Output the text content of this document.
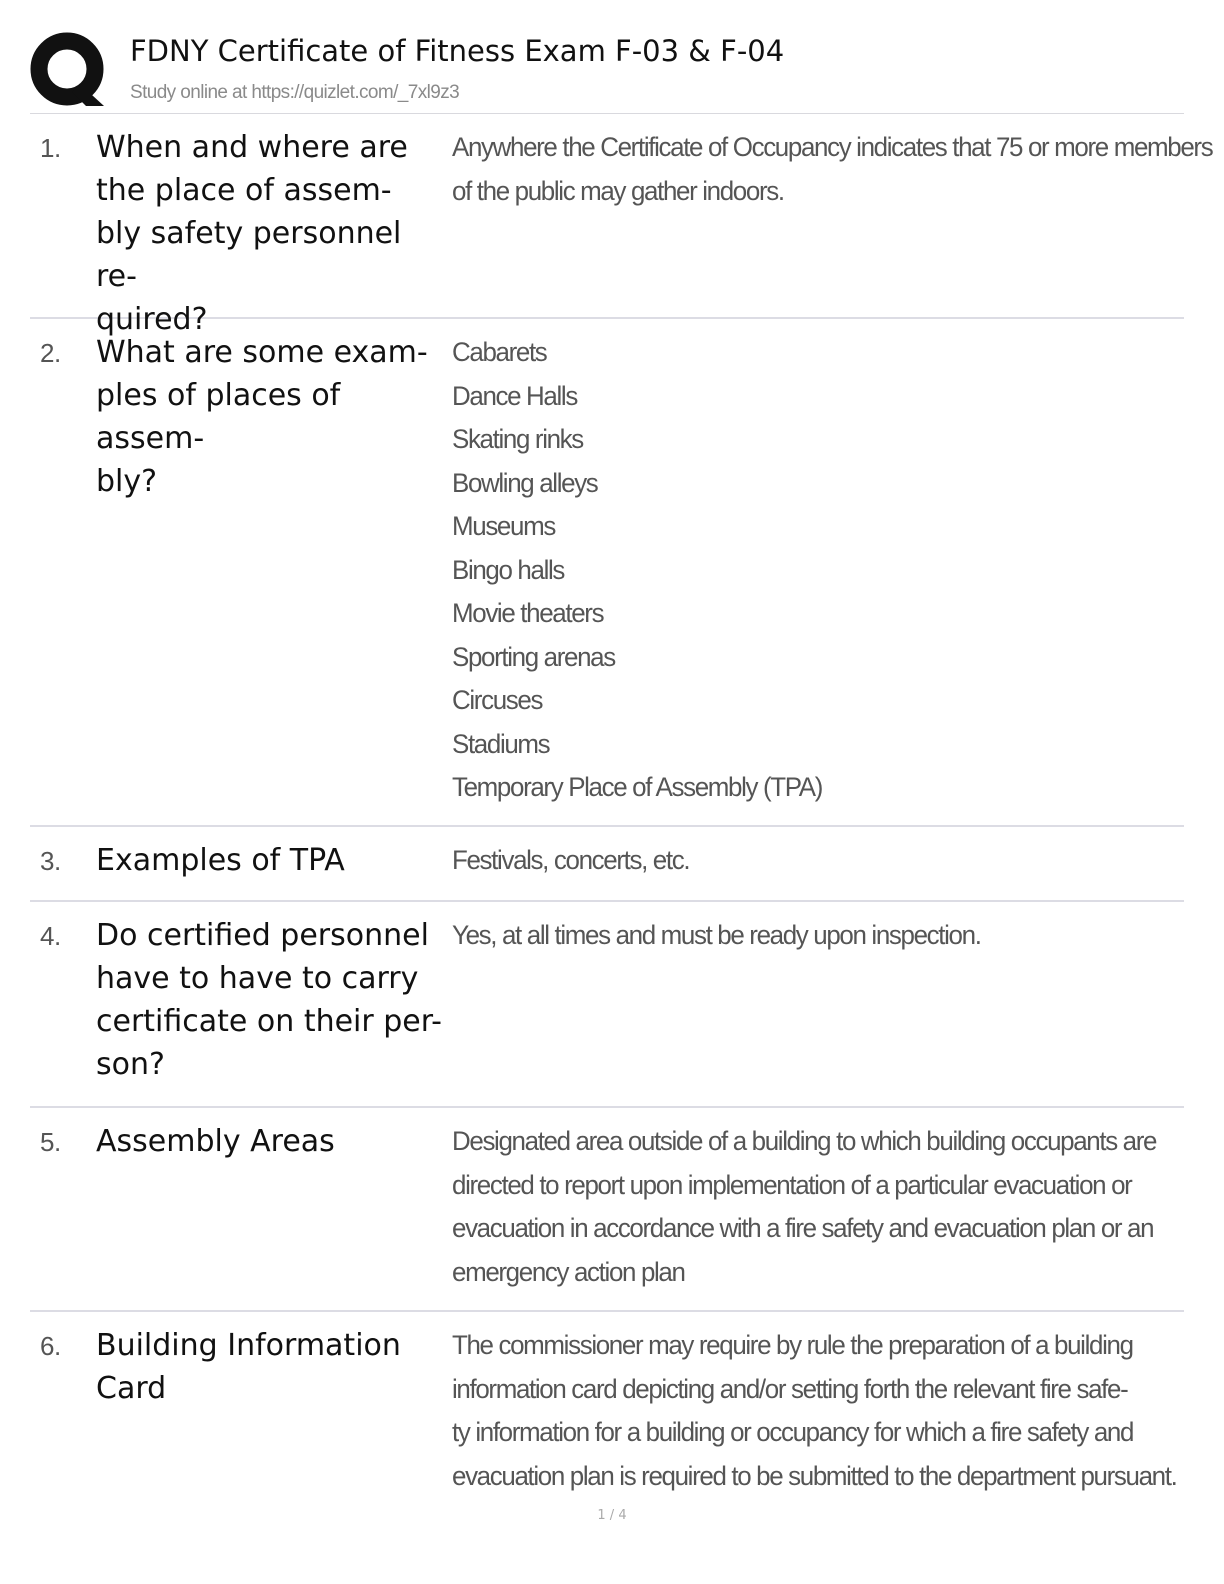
FDNY Certificate of Fitness Exam F-03 & F-04
Study online at https://quizlet.com/_7xl9z3
1. When and where are
the place of assem-
bly safety personnel re-
quired?
Anywhere the Certificate of Occupancy indicates that 75 or more members
of the public may gather indoors.
2. What are some exam-
ples of places of assem-
bly?
Cabarets
Dance Halls
Skating rinks
Bowling alleys
Museums
Bingo halls
Movie theaters
Sporting arenas
Circuses
Stadiums
Temporary Place of Assembly (TPA)
3. Examples of TPA	Festivals, concerts, etc.
4. Do certified personnel
have to have to carry
certificate on their per-
son?
Yes, at all times and must be ready upon inspection.
5. Assembly Areas	Designated area outside of a building to which building occupants are
directed to report upon implementation of a particular evacuation or
evacuation in accordance with a fire safety and evacuation plan or an
emergency action plan
6. Building Information
Card
The commissioner may require by rule the preparation of a building
information card depicting and/or setting forth the relevant fire safe-
ty information for a building or occupancy for which a fire safety and
evacuation plan is required to be submitted to the department pursuant.
1 / 4
